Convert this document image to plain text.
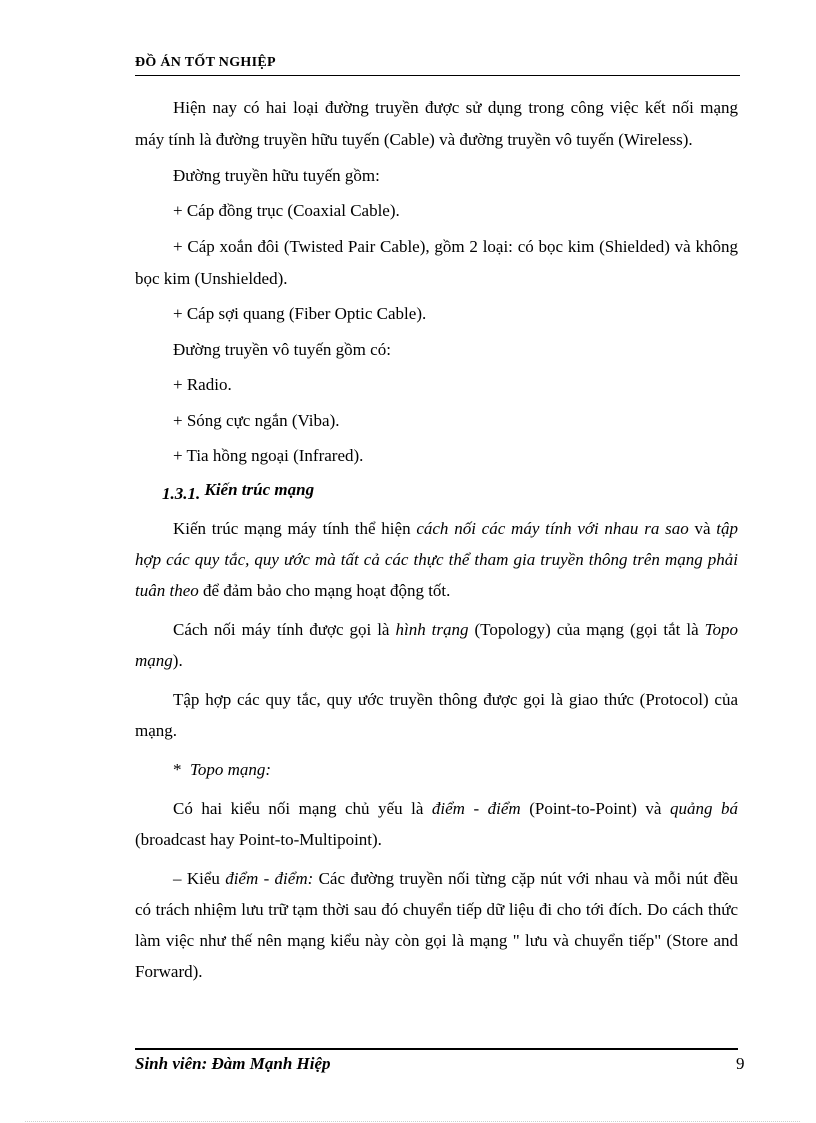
ĐỒ ÁN TỐT NGHIỆP

Hiện nay có hai loại đường truyền được sử dụng trong công việc kết nối mạng máy tính là đường truyền hữu tuyến (Cable) và đường truyền vô tuyến (Wireless).

Đường truyền hữu tuyến gồm:

+ Cáp đồng trục (Coaxial Cable).

+ Cáp xoắn đôi (Twisted Pair Cable), gồm 2 loại: có bọc kim (Shielded) và không bọc kim (Unshielded).

+ Cáp sợi quang (Fiber Optic Cable).

Đường truyền vô tuyến gồm có:

+ Radio.

+ Sóng cực ngắn (Viba).

+ Tia hồng ngoại (Infrared).

1.3.1. Kiến trúc mạng

Kiến trúc mạng máy tính thể hiện cách nối các máy tính với nhau ra sao và tập hợp các quy tắc, quy ước mà tất cả các thực thể tham gia truyền thông trên mạng phải tuân theo để đảm bảo cho mạng hoạt động tốt.

Cách nối máy tính được gọi là hình trạng (Topology) của mạng (gọi tắt là Topo mạng).

Tập hợp các quy tắc, quy ước truyền thông được gọi là giao thức (Protocol) của mạng.

* Topo mạng:

Có hai kiểu nối mạng chủ yếu là điểm - điểm (Point-to-Point) và quảng bá (broadcast hay Point-to-Multipoint).

– Kiểu điểm - điểm: Các đường truyền nối từng cặp nút với nhau và mỗi nút đều có trách nhiệm lưu trữ tạm thời sau đó chuyển tiếp dữ liệu đi cho tới đích. Do cách thức làm việc như thế nên mạng kiểu này còn gọi là mạng " lưu và chuyển tiếp" (Store and Forward).

Sinh viên: Đàm Mạnh Hiệp	9
